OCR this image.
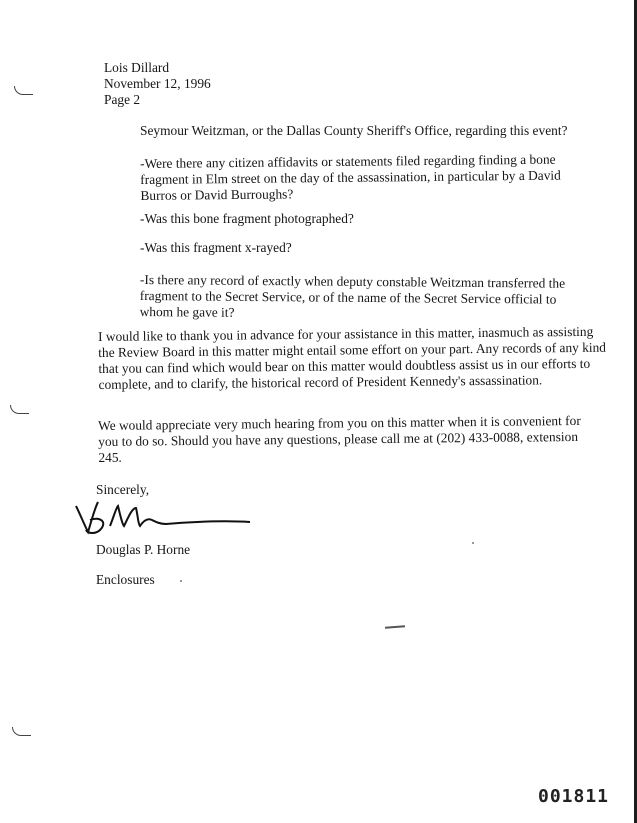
Lois Dillard
November 12, 1996
Page 2
Seymour Weitzman, or the Dallas County Sheriff's Office, regarding this event?
-Were there any citizen affidavits or statements filed regarding finding a bone fragment in Elm street on the day of the assassination, in particular by a David Burros or David Burroughs?
-Was this bone fragment photographed?
-Was this fragment x-rayed?
-Is there any record of exactly when deputy constable Weitzman transferred the fragment to the Secret Service, or of the name of the Secret Service official to whom he gave it?
I would like to thank you in advance for your assistance in this matter, inasmuch as assisting the Review Board in this matter might entail some effort on your part. Any records of any kind that you can find which would bear on this matter would doubtless assist us in our efforts to complete, and to clarify, the historical record of President Kennedy's assassination.
We would appreciate very much hearing from you on this matter when it is convenient for you to do so. Should you have any questions, please call me at (202) 433-0088, extension 245.
Sincerely,
Douglas P. Horne
Enclosures
001811
